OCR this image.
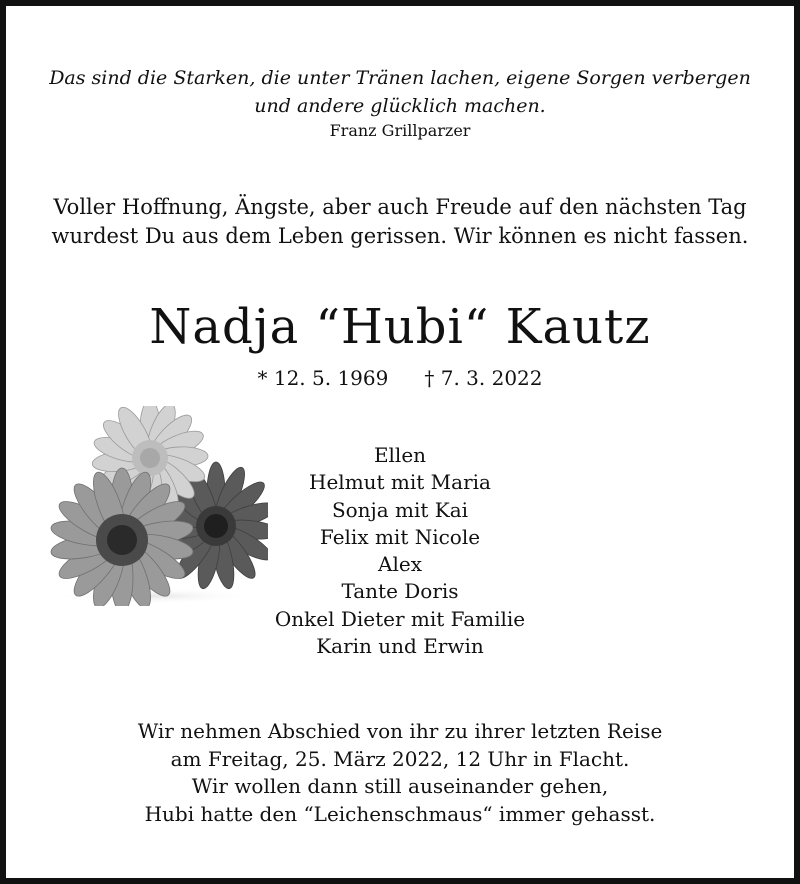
Das sind die Starken, die unter Tränen lachen, eigene Sorgen verbergen
und andere glücklich machen.
Franz Grillparzer
Voller Hoffnung, Ängste, aber auch Freude auf den nächsten Tag
wurdest Du aus dem Leben gerissen. Wir können es nicht fassen.
Nadja “Hubi“ Kautz
* 12. 5. 1969 † 7. 3. 2022
Ellen
Helmut mit Maria
Sonja mit Kai
Felix mit Nicole
Alex
Tante Doris
Onkel Dieter mit Familie
Karin und Erwin
Wir nehmen Abschied von ihr zu ihrer letzten Reise
am Freitag, 25. März 2022, 12 Uhr in Flacht.
Wir wollen dann still auseinander gehen,
Hubi hatte den “Leichenschmaus“ immer gehasst.
